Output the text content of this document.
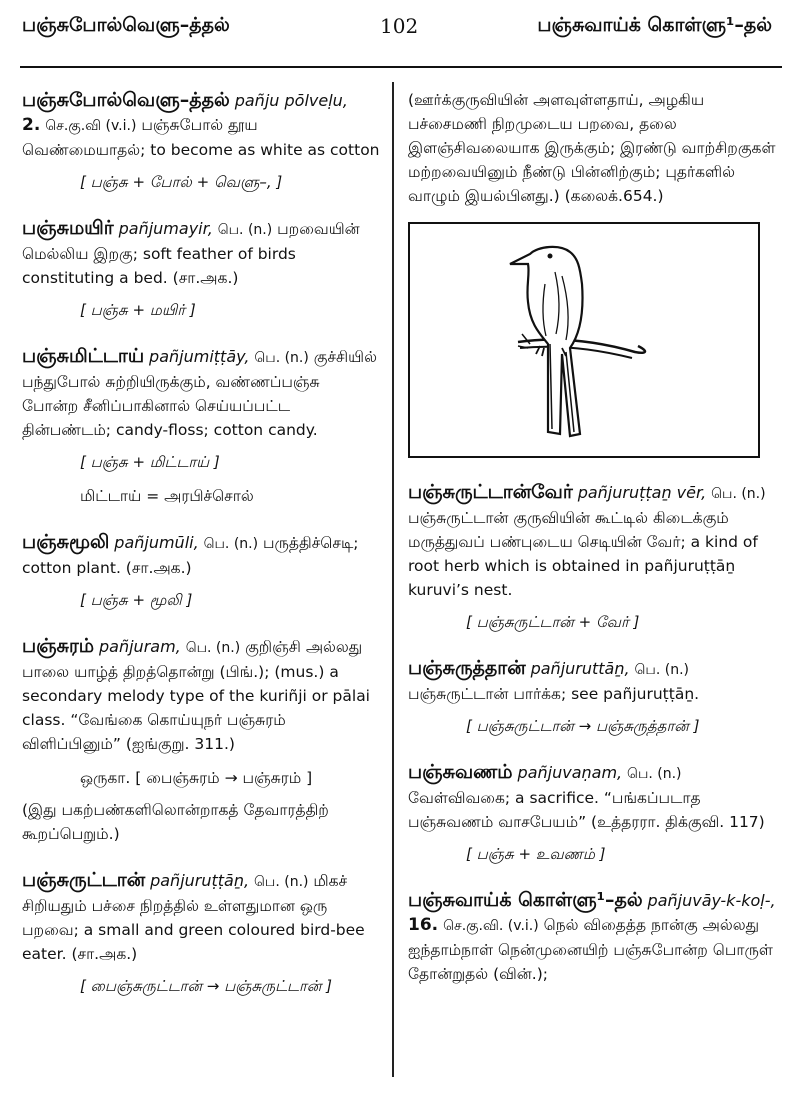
பஞ்சுபோல்வெளு–த்தல்	102	பஞ்சுவாய்க் கொள்ளு¹–தல்

பஞ்சுபோல்வெளு–த்தல் pañju pōlveḷu,

2. செ.கு.வி (v.i.) பஞ்சுபோல் தூய வெண்மையாதல்; to become as white as cotton

[ பஞ்சு + போல் + வெளு–, ]

பஞ்சுமயிர் pañjumayir, பெ. (n.) பறவையின் மெல்லிய இறகு; soft feather of birds constituting a bed. (சா.அக.)

[ பஞ்சு + மயிர் ]

பஞ்சுமிட்டாய் pañjumiṭṭāy, பெ. (n.) குச்சியில் பந்துபோல் சுற்றியிருக்கும், வண்ணப்பஞ்சு போன்ற சீனிப்பாகினால் செய்யப்பட்ட தின்பண்டம்; candy-floss; cotton candy.

[ பஞ்சு + மிட்டாய் ]

மிட்டாய் = அரபிச்சொல்

பஞ்சுமூலி pañjumūli, பெ. (n.) பருத்திச்செடி; cotton plant. (சா.அக.)

[ பஞ்சு + மூலி ]

பஞ்சுரம் pañjuram, பெ. (n.) குறிஞ்சி அல்லது பாலை யாழ்த் திறத்தொன்று (பிங்.); (mus.) a secondary melody type of the kuriñji or pālai class. “வேங்கை கொய்யுநர் பஞ்சுரம் விளிப்பினும்” (ஐங்குறு. 311.)

ஒருகா. [ பைஞ்சுரம் → பஞ்சுரம் ]

(இது பகற்பண்களிலொன்றாகத் தேவாரத்திற் கூறப்பெறும்.)

பஞ்சுருட்டான் pañjuruṭṭāṉ, பெ. (n.) மிகச் சிறியதும் பச்சை நிறத்தில் உள்ளதுமான ஒரு பறவை; a small and green coloured bird-bee eater. (சா.அக.)

[ பைஞ்சுருட்டான் → பஞ்சுருட்டான் ]

(ஊர்க்குருவியின் அளவுள்ளதாய், அழகிய பச்சைமணி நிறமுடைய பறவை, தலை இளஞ்சிவலையாக இருக்கும்; இரண்டு வாற்சிறகுகள் மற்றவையினும் நீண்டு பின்னிற்கும்; புதர்களில் வாழும் இயல்பினது.) (கலைக்.654.)

பஞ்சுருட்டான்வேர் pañjuruṭṭaṉ vēr, பெ. (n.) பஞ்சுருட்டான் குருவியின் கூட்டில் கிடைக்கும் மருத்துவப் பண்புடைய செடியின் வேர்; a kind of root herb which is obtained in pañjuruṭṭāṉ kuruvi’s nest.

[ பஞ்சுருட்டான் + வேர் ]

பஞ்சுருத்தான் pañjuruttāṉ, பெ. (n.) பஞ்சுருட்டான் பார்க்க; see pañjuruṭṭāṉ.

[ பஞ்சுருட்டான் → பஞ்சுருத்தான் ]

பஞ்சுவணம் pañjuvaṇam, பெ. (n.) வேள்விவகை; a sacrifice. “பங்கப்படாத பஞ்சுவணம் வாசபேயம்” (உத்தரரா. திக்குவி. 117)

[ பஞ்சு + உவணம் ]

பஞ்சுவாய்க் கொள்ளு¹–தல் pañjuvāy-k-koḷ-, 16. செ.கு.வி. (v.i.) நெல் விதைத்த நான்கு அல்லது ஐந்தாம்நாள் நென்முனையிற் பஞ்சுபோன்ற பொருள் தோன்றுதல் (வின்.);
